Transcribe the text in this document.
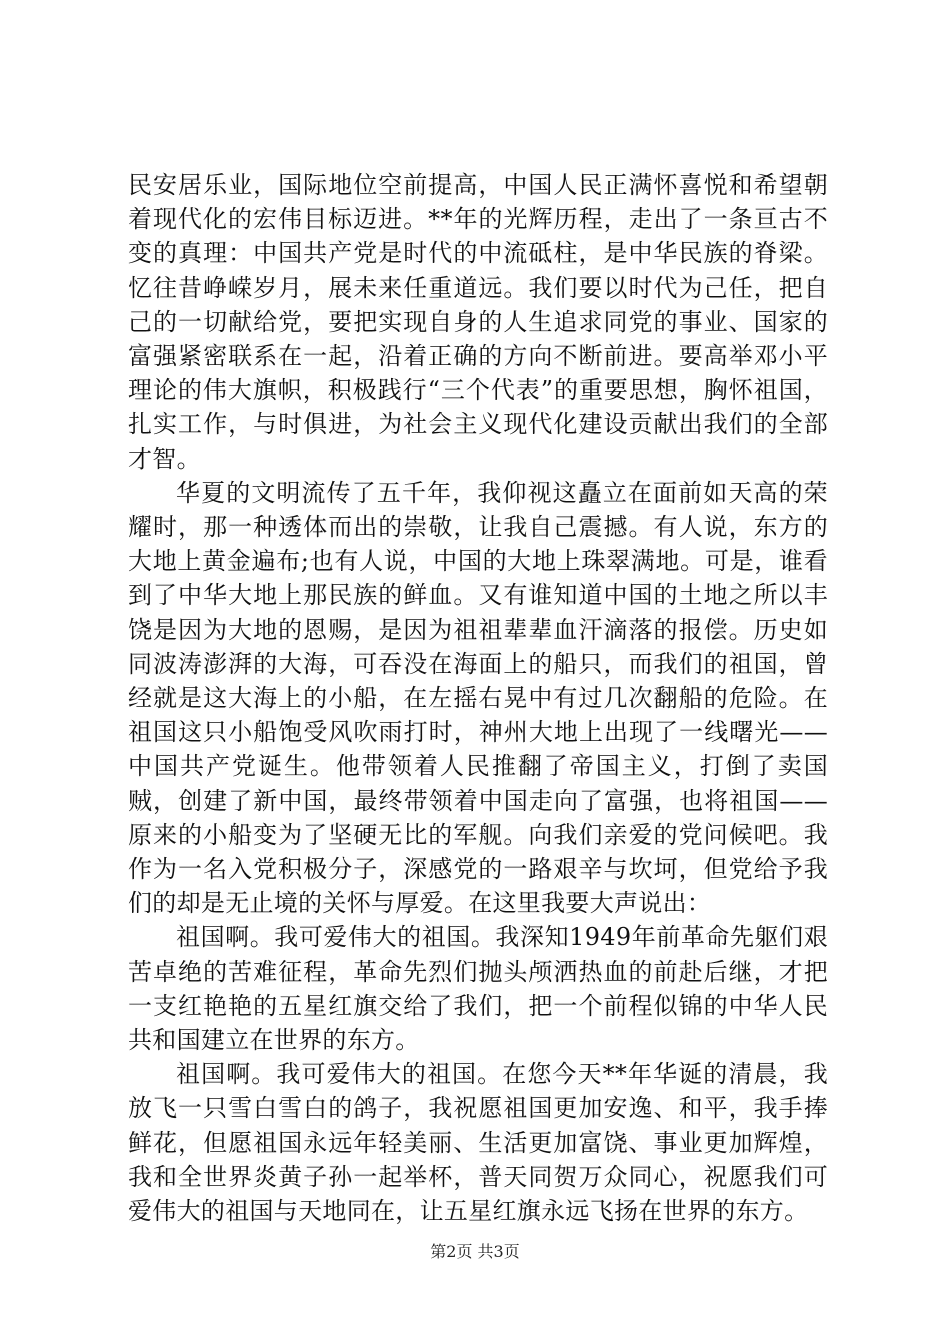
民安居乐业，国际地位空前提高，中国人民正满怀喜悦和希望朝着现代化的宏伟目标迈进。**年的光辉历程，走出了一条亘古不变的真理：中国共产党是时代的中流砥柱，是中华民族的脊梁。忆往昔峥嵘岁月，展未来任重道远。我们要以时代为己任，把自己的一切献给党，要把实现自身的人生追求同党的事业、国家的富强紧密联系在一起，沿着正确的方向不断前进。要高举邓小平理论的伟大旗帜，积极践行“三个代表”的重要思想，胸怀祖国，扎实工作，与时俱进，为社会主义现代化建设贡献出我们的全部才智。

华夏的文明流传了五千年，我仰视这矗立在面前如天高的荣耀时，那一种透体而出的崇敬，让我自己震撼。有人说，东方的大地上黄金遍布;也有人说，中国的大地上珠翠满地。可是，谁看到了中华大地上那民族的鲜血。又有谁知道中国的土地之所以丰饶是因为大地的恩赐，是因为祖祖辈辈血汗滴落的报偿。历史如同波涛澎湃的大海，可吞没在海面上的船只，而我们的祖国，曾经就是这大海上的小船，在左摇右晃中有过几次翻船的危险。在祖国这只小船饱受风吹雨打时，神州大地上出现了一线曙光——中国共产党诞生。他带领着人民推翻了帝国主义，打倒了卖国贼，创建了新中国，最终带领着中国走向了富强，也将祖国——原来的小船变为了坚硬无比的军舰。向我们亲爱的党问候吧。我作为一名入党积极分子，深感党的一路艰辛与坎坷，但党给予我们的却是无止境的关怀与厚爱。在这里我要大声说出：

祖国啊。我可爱伟大的祖国。我深知1949年前革命先躯们艰苦卓绝的苦难征程，革命先烈们抛头颅洒热血的前赴后继，才把一支红艳艳的五星红旗交给了我们，把一个前程似锦的中华人民共和国建立在世界的东方。

祖国啊。我可爱伟大的祖国。在您今天**年华诞的清晨，我放飞一只雪白雪白的鸽子，我祝愿祖国更加安逸、和平，我手捧鲜花，但愿祖国永远年轻美丽、生活更加富饶、事业更加辉煌，我和全世界炎黄子孙一起举杯，普天同贺万众同心，祝愿我们可爱伟大的祖国与天地同在，让五星红旗永远飞扬在世界的东方。

第2页 共3页
